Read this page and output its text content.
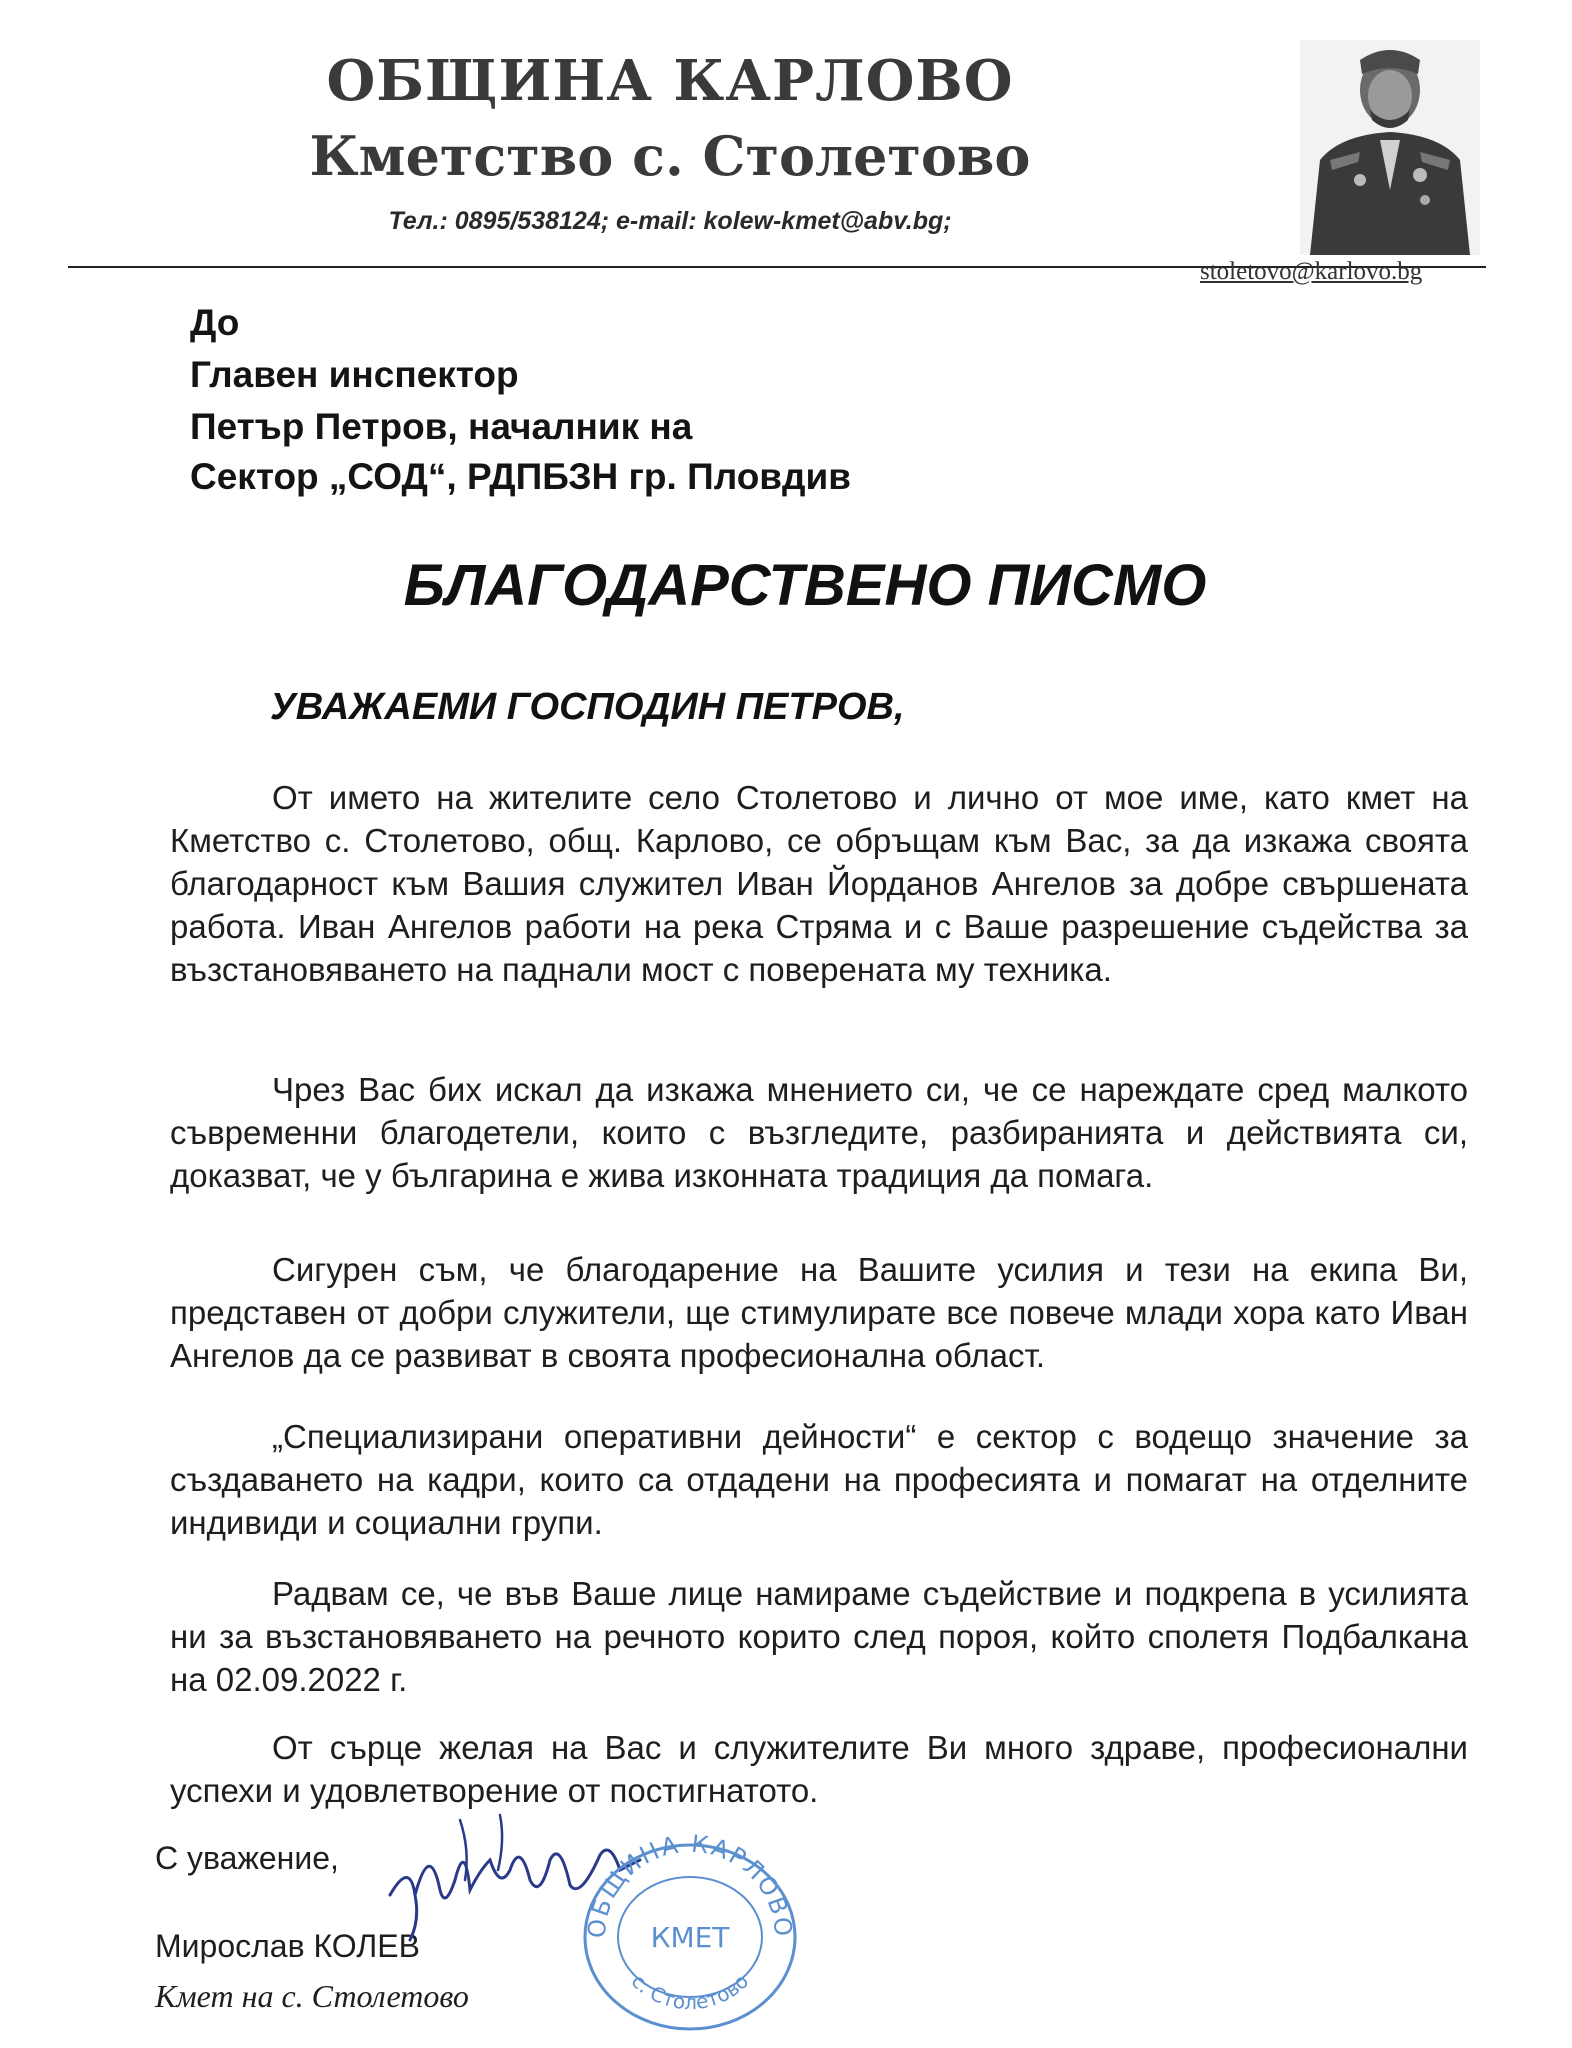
ОБЩИНА КАРЛОВО
Кметство с. Столетово
Тел.: 0895/538124; e-mail: kolew-kmet@abv.bg;
stoletovo@karlovo.bg
До
Главен инспектор
Петър Петров, началник на
Сектор „СОД“, РДПБЗН гр. Пловдив
БЛАГОДАРСТВЕНО ПИСМО
УВАЖАЕМИ ГОСПОДИН ПЕТРОВ,

От името на жителите село Столетово и лично от мое име, като кмет на Кметство с. Столетово, общ. Карлово, се обръщам към Вас, за да изкажа своята благодарност към Вашия служител Иван Йорданов Ангелов за добре свършената работа. Иван Ангелов работи на река Стряма и с Ваше разрешение съдейства за възстановяването на паднали мост с поверената му техника.

Чрез Вас бих искал да изкажа мнението си, че се нареждате сред малкото съвременни благодетели, които с възгледите, разбиранията и действията си, доказват, че у българина е жива изконната традиция да помага.

Сигурен съм, че благодарение на Вашите усилия и тези на екипа Ви, представен от добри служители, ще стимулирате все повече млади хора като Иван Ангелов да се развиват в своята професионална област.

„Специализирани оперативни дейности“ е сектор с водещо значение за създаването на кадри, които са отдадени на професията и помагат на отделните индивиди и социални групи.

Радвам се, че във Ваше лице намираме съдействие и подкрепа в усилията ни за възстановяването на речното корито след пороя, който сполетя Подбалкана на 02.09.2022 г.

От сърце желая на Вас и служителите Ви много здраве, професионални успехи и удовлетворение от постигнатото.

С уважение,
Мирослав КОЛЕВ
Кмет на с. Столетово
ОБЩИНА КАРЛОВО
КМЕТ
с. Столетово
